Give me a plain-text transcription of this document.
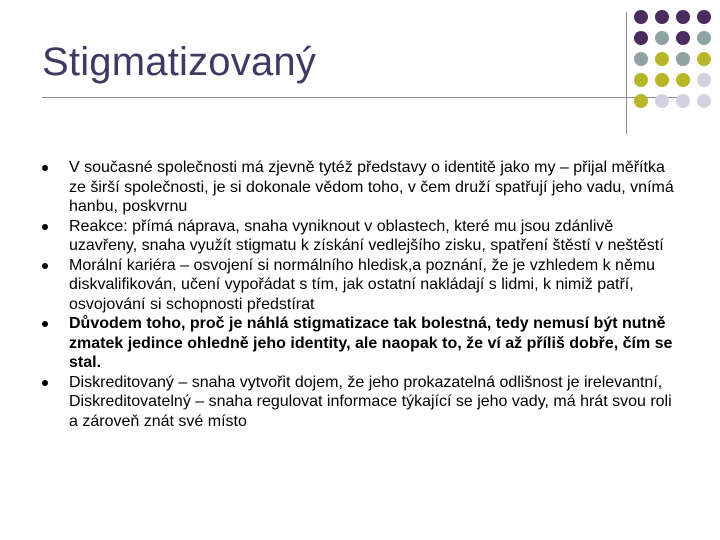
Stigmatizovaný
V současné společnosti má zjevně tytéž představy o identitě jako my – přijal měřítka ze širší společnosti, je si dokonale vědom toho, v čem druží spatřují jeho vadu, vnímá hanbu, poskvrnu
Reakce: přímá náprava, snaha vyniknout v oblastech, které mu jsou zdánlivě uzavřeny, snaha využít stigmatu k získání vedlejšího zisku, spatření štěstí v neštěstí
Morální kariéra – osvojení si normálního hledisk,a poznání, že je vzhledem k němu diskvalifikován, učení vypořádat s tím, jak ostatní nakládají s lidmi, k nimiž patří, osvojování si schopnosti předstírat
Důvodem toho, proč je náhlá stigmatizace tak bolestná, tedy nemusí být nutně zmatek jedince ohledně jeho identity, ale naopak to, že ví až příliš dobře, čím se stal.
Diskreditovaný – snaha vytvořit dojem, že jeho prokazatelná odlišnost je irelevantní, Diskreditovatelný – snaha regulovat informace týkající se jeho vady, má hrát svou roli a zároveň znát své místo
